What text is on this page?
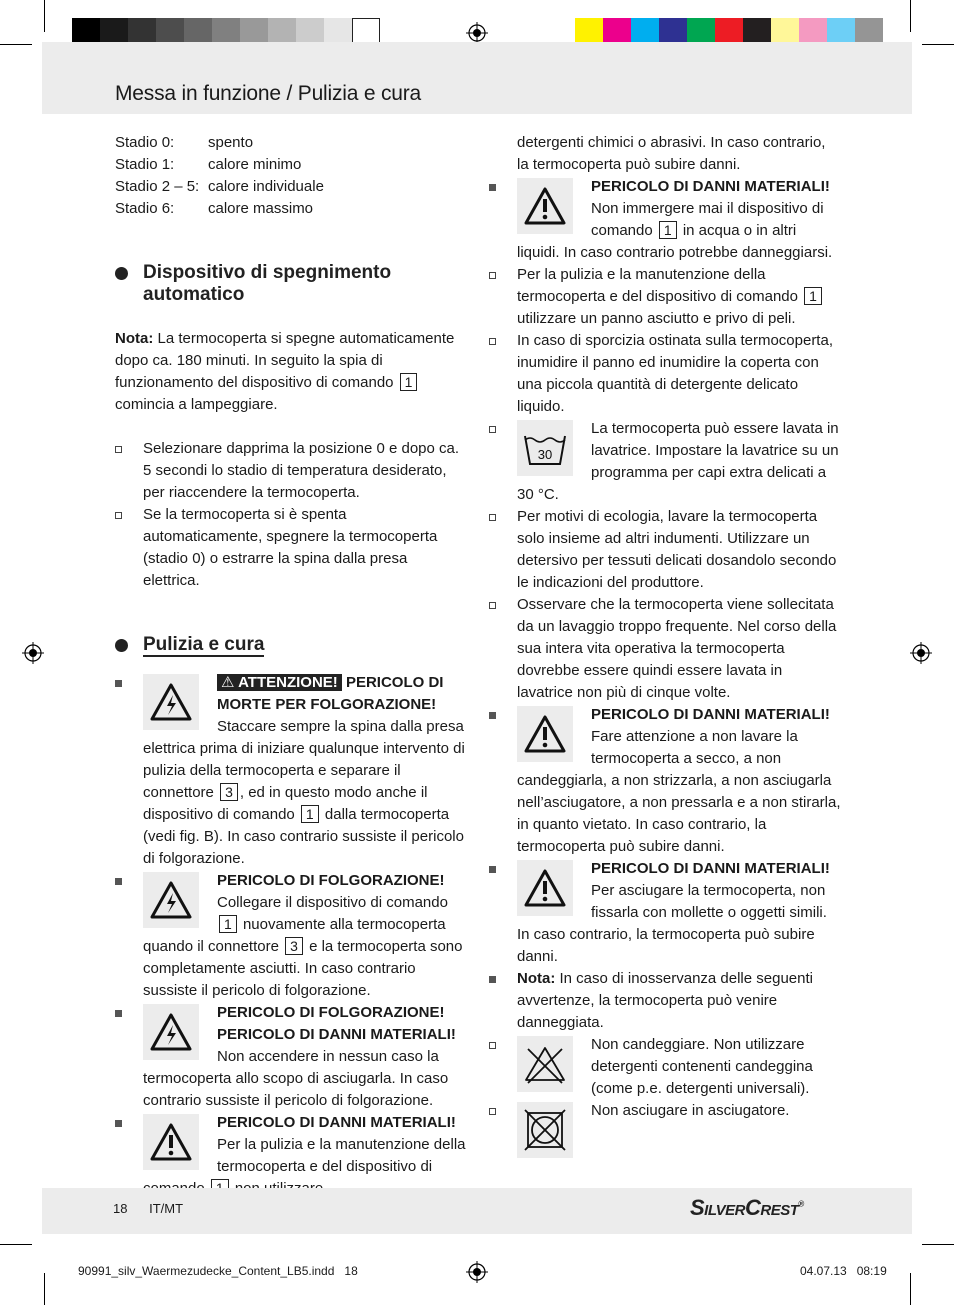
Messa in funzione / Pulizia e cura
Stadio 0:	spento
Stadio 1:	calore minimo
Stadio 2 – 5: calore individuale
Stadio 6:	calore massimo
Dispositivo di spegnimento automatico

Nota: La termocoperta si spegne automaticamente dopo ca. 180 minuti. In seguito la spia di funzionamento del dispositivo di comando 1 comincia a lampeggiare.

Selezionare dapprima la posizione 0 e dopo ca. 5 secondi lo stadio di temperatura desiderato, per riaccendere la termocoperta.
Se la termocoperta si è spenta automaticamente, spegnere la termocoperta (stadio 0) o estrarre la spina dalla presa elettrica.
Pulizia e cura
⚠ ATTENZIONE! PERICOLO DI MORTE PER FOLGORAZIONE! Staccare sempre la spina dalla presa elettrica prima di iniziare qualunque intervento di pulizia della termocoperta e separare il connettore 3 , ed in questo modo anche il dispositivo di comando 1 dalla termocoperta (vedi fig. B). In caso contrario sussiste il pericolo di folgorazione.
PERICOLO DI FOLGORAZIONE! Collegare il dispositivo di comando 1 nuovamente alla termocoperta quando il connettore 3 e la termocoperta sono completamente asciutti. In caso contrario sussiste il pericolo di folgorazione.
PERICOLO DI FOLGORAZIONE! PERICOLO DI DANNI MATERIALI! Non accendere in nessun caso la termocoperta allo scopo di asciugarla. In caso contrario sussiste il pericolo di folgorazione.
PERICOLO DI DANNI MATERIALI! Per la pulizia e la manutenzione della termocoperta e del dispositivo di

detergenti chimici o abrasivi. In caso contrario, la termocoperta può subire danni.

PERICOLO DI DANNI MATERIALI! Non immergere mai il dispositivo di comando 1 in acqua o in altri liquidi. In caso contrario potrebbe danneggiarsi.
Per la pulizia e la manutenzione della termocoperta e del dispositivo di comando 1 utilizzare un panno asciutto e privo di peli.
In caso di sporcizia ostinata sulla termocoperta, inumidire il panno ed inumidire la coperta con una piccola quantità di detergente delicato liquido.
30
La termocoperta può essere lavata in lavatrice. Impostare la lavatrice su un programma per capi extra delicati a 30 °C.
Per motivi di ecologia, lavare la termocoperta solo insieme ad altri indumenti. Utilizzare un detersivo per tessuti delicati dosandolo secondo le indicazioni del produttore.
Osservare che la termocoperta viene sollecitata da un lavaggio troppo frequente. Nel corso della sua intera vita operativa la termocoperta dovrebbe essere quindi essere lavata in lavatrice non più di cinque volte.
PERICOLO DI DANNI MATERIALI! Fare attenzione a non lavare la termocoperta a secco, a non candeggiarla, a non strizzarla, a non asciugarla nell’asciugatore, a non pressarla e a non stirarla, in quanto vietato. In caso contrario, la termocoperta può subire danni.
PERICOLO DI DANNI MATERIALI! Per asciugare la termocoperta, non fissarla con mollette o oggetti simili. In caso contrario, la termocoperta può subire danni.
Nota: In caso di inosservanza delle seguenti avvertenze, la termocoperta può venire danneggiata.
Non candeggiare. Non utilizzare detergenti contenenti candeggina (come p.e. detergenti universali).
Non asciugare in asciugatore.
18 IT/MT	SilverCrest®
90991_silv_Waermezudecke_Content_LB5.indd   18	04.07.13   08:19
